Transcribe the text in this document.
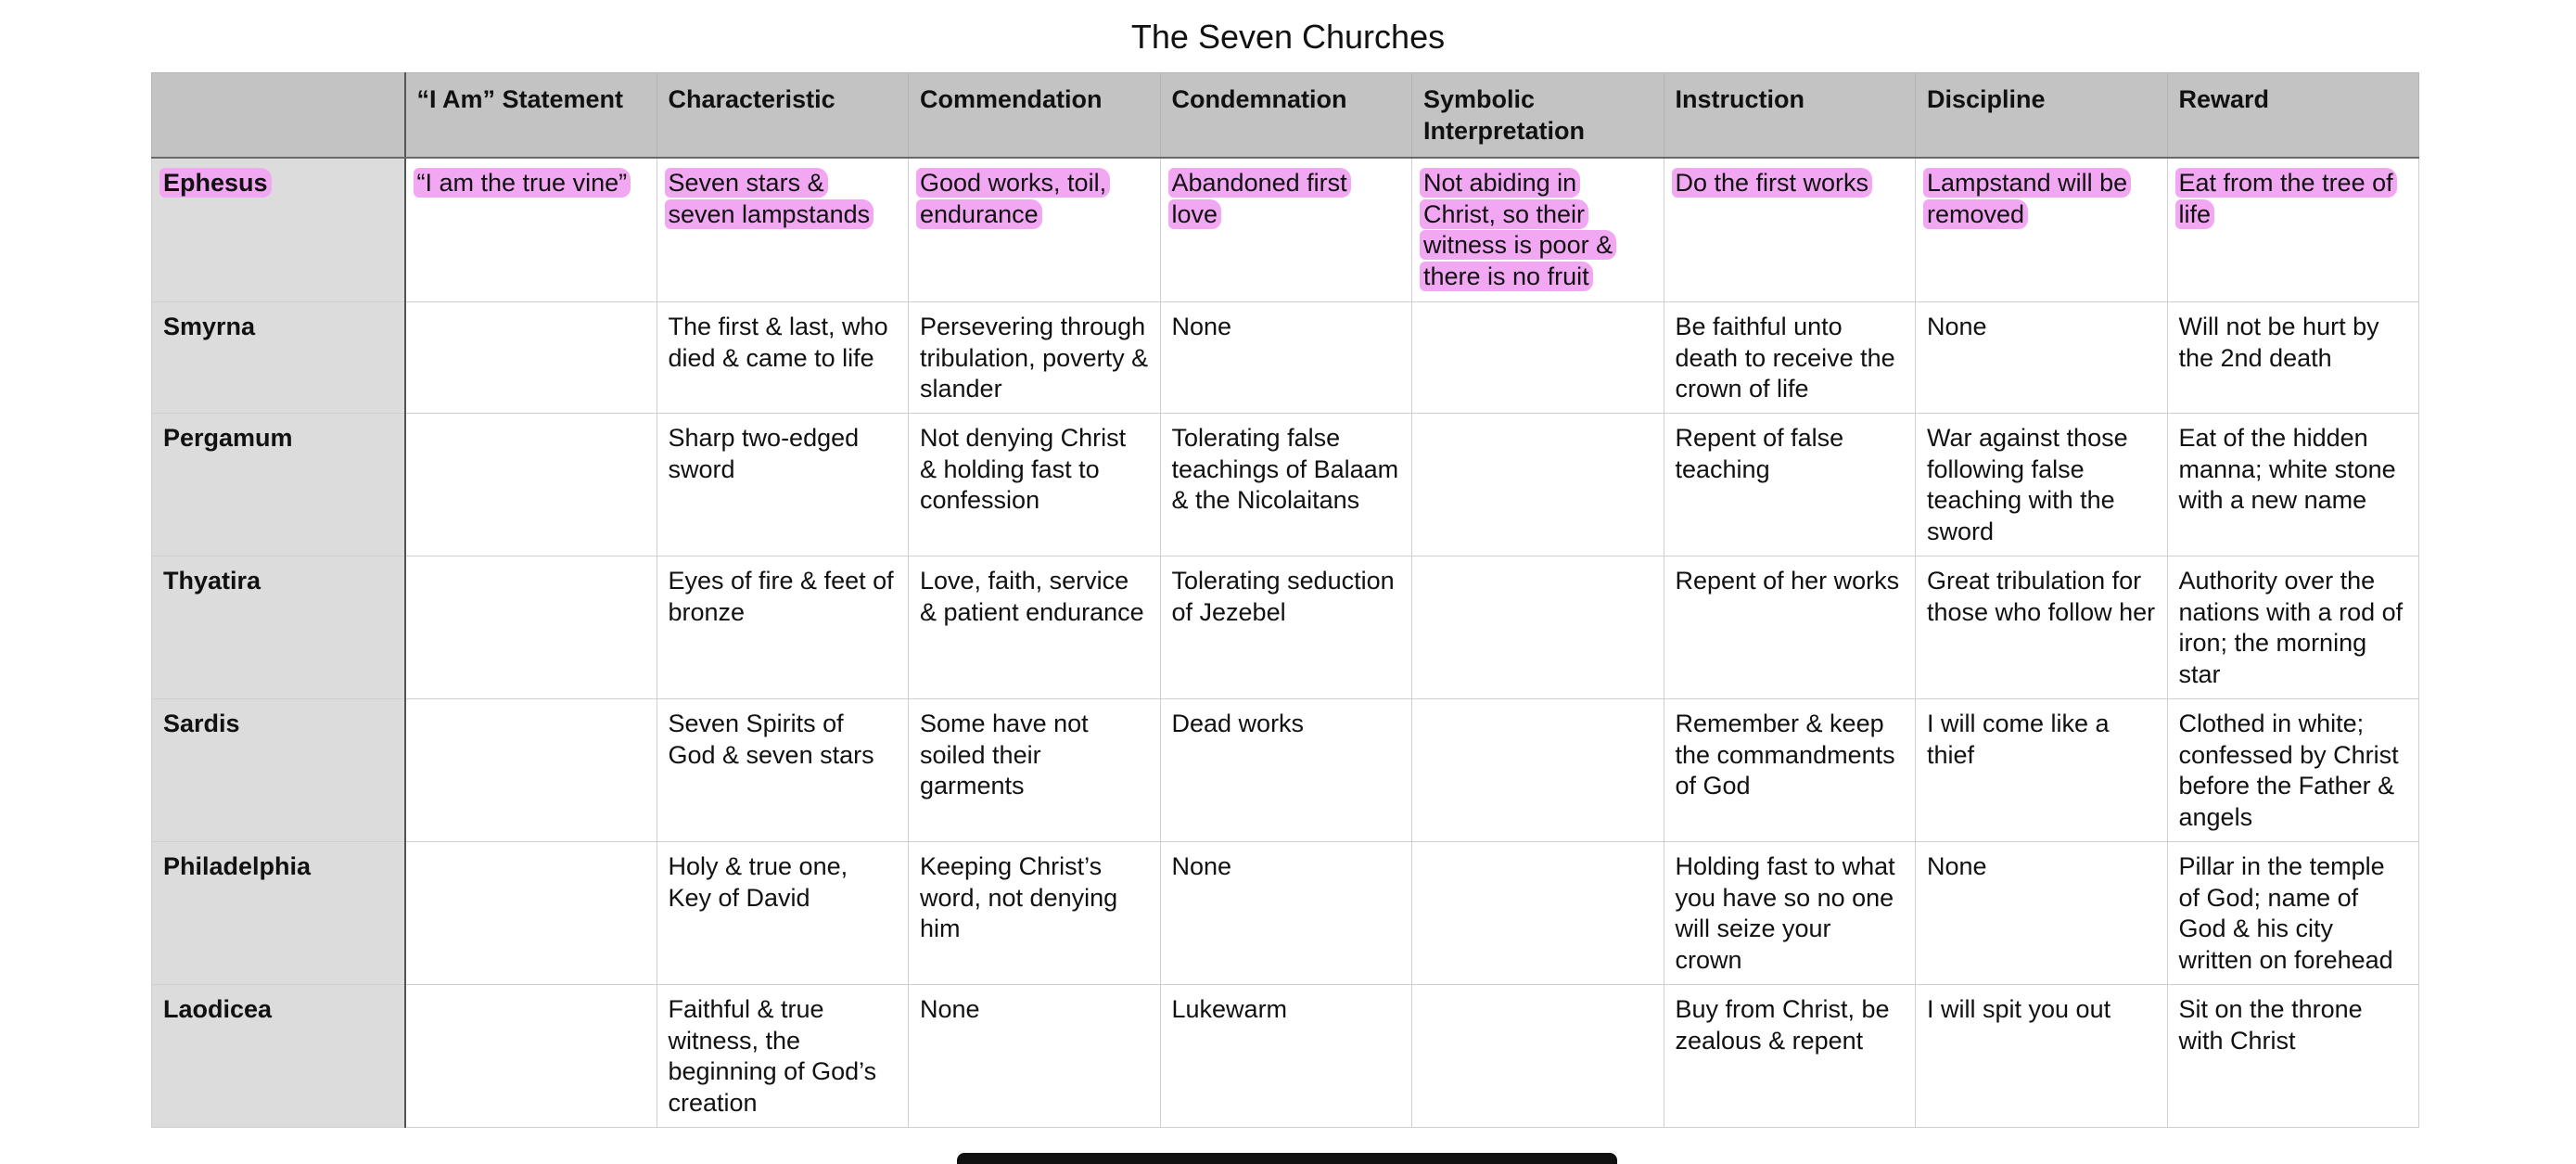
The Seven Churches
	“I Am” Statement	Characteristic	Commendation	Condemnation	Symbolic Interpretation	Instruction	Discipline	Reward
Ephesus	“I am the true vine”	Seven stars & seven lampstands	Good works, toil, endurance	Abandoned first love	Not abiding in Christ, so their witness is poor & there is no fruit	Do the first works	Lampstand will be removed	Eat from the tree of life
Smyrna		The first & last, who died & came to life	Persevering through tribulation, poverty & slander	None		Be faithful unto death to receive the crown of life	None	Will not be hurt by the 2nd death
Pergamum		Sharp two-edged sword	Not denying Christ & holding fast to confession	Tolerating false teachings of Balaam & the Nicolaitans		Repent of false teaching	War against those following false teaching with the sword	Eat of the hidden manna; white stone with a new name
Thyatira		Eyes of fire & feet of bronze	Love, faith, service & patient endurance	Tolerating seduction of Jezebel		Repent of her works	Great tribulation for those who follow her	Authority over the nations with a rod of iron; the morning star
Sardis		Seven Spirits of God & seven stars	Some have not soiled their garments	Dead works		Remember & keep the commandments of God	I will come like a thief	Clothed in white; confessed by Christ before the Father & angels
Philadelphia		Holy & true one, Key of David	Keeping Christ’s word, not denying him	None		Holding fast to what you have so no one will seize your crown	None	Pillar in the temple of God; name of God & his city written on forehead
Laodicea		Faithful & true witness, the beginning of God’s creation	None	Lukewarm		Buy from Christ, be zealous & repent	I will spit you out	Sit on the throne with Christ
